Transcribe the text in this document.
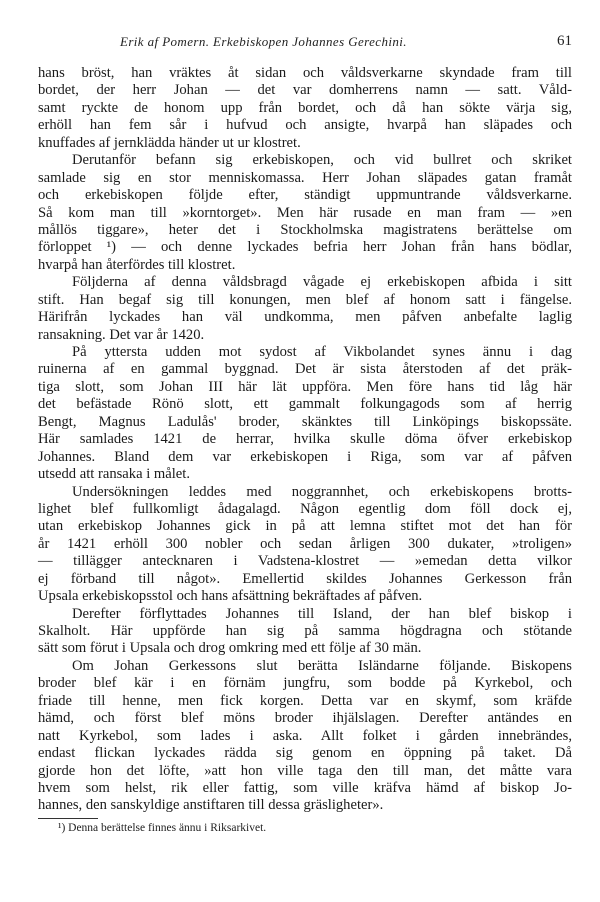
Erik af Pomern. Erkebiskopen Johannes Gerechini.	61
hans bröst, han vräktes åt sidan och våldsverkarne skyndade fram till
bordet, der herr Johan — det var domherrens namn — satt. Våld-
samt ryckte de honom upp från bordet, och då han sökte värja sig,
erhöll han fem sår i hufvud och ansigte, hvarpå han släpades och
knuffades af jernklädda händer ut ur klostret.
Derutanför befann sig erkebiskopen, och vid bullret och skriket
samlade sig en stor menniskomassa. Herr Johan släpades gatan framåt
och erkebiskopen följde efter, ständigt uppmuntrande våldsverkarne.
Så kom man till »korntorget». Men här rusade en man fram — »en
mållös tiggare», heter det i Stockholmska magistratens berättelse om
förloppet ¹) — och denne lyckades befria herr Johan från hans bödlar,
hvarpå han återfördes till klostret.
Följderna af denna våldsbragd vågade ej erkebiskopen afbida i sitt
stift. Han begaf sig till konungen, men blef af honom satt i fängelse.
Härifrån lyckades han väl undkomma, men påfven anbefalte laglig
ransakning. Det var år 1420.
På yttersta udden mot sydost af Vikbolandet synes ännu i dag
ruinerna af en gammal byggnad. Det är sista återstoden af det präk-
tiga slott, som Johan III här lät uppföra. Men före hans tid låg här
det befästade Rönö slott, ett gammalt folkungagods som af herrig
Bengt, Magnus Ladulås' broder, skänktes till Linköpings biskopssäte.
Här samlades 1421 de herrar, hvilka skulle döma öfver erkebiskop
Johannes. Bland dem var erkebiskopen i Riga, som var af påfven
utsedd att ransaka i målet.
Undersökningen leddes med noggrannhet, och erkebiskopens brotts-
lighet blef fullkomligt ådagalagd. Någon egentlig dom föll dock ej,
utan erkebiskop Johannes gick in på att lemna stiftet mot det han för
år 1421 erhöll 300 nobler och sedan årligen 300 dukater, »troligen»
— tillägger antecknaren i Vadstena-klostret — »emedan detta vilkor
ej förband till något». Emellertid skildes Johannes Gerkesson från
Upsala erkebiskopsstol och hans afsättning bekräftades af påfven.
Derefter förflyttades Johannes till Island, der han blef biskop i
Skalholt. Här uppförde han sig på samma högdragna och stötande
sätt som förut i Upsala och drog omkring med ett följe af 30 män.
Om Johan Gerkessons slut berätta Isländarne följande. Biskopens
broder blef kär i en förnäm jungfru, som bodde på Kyrkebol, och
friade till henne, men fick korgen. Detta var en skymf, som kräfde
hämd, och först blef möns broder ihjälslagen. Derefter antändes en
natt Kyrkebol, som lades i aska. Allt folket i gården innebrändes,
endast flickan lyckades rädda sig genom en öppning på taket. Då
gjorde hon det löfte, »att hon ville taga den till man, det måtte vara
hvem som helst, rik eller fattig, som ville kräfva hämd af biskop Jo-
hannes, den sanskyldige anstiftaren till dessa gräsligheter».
¹) Denna berättelse finnes ännu i Riksarkivet.
